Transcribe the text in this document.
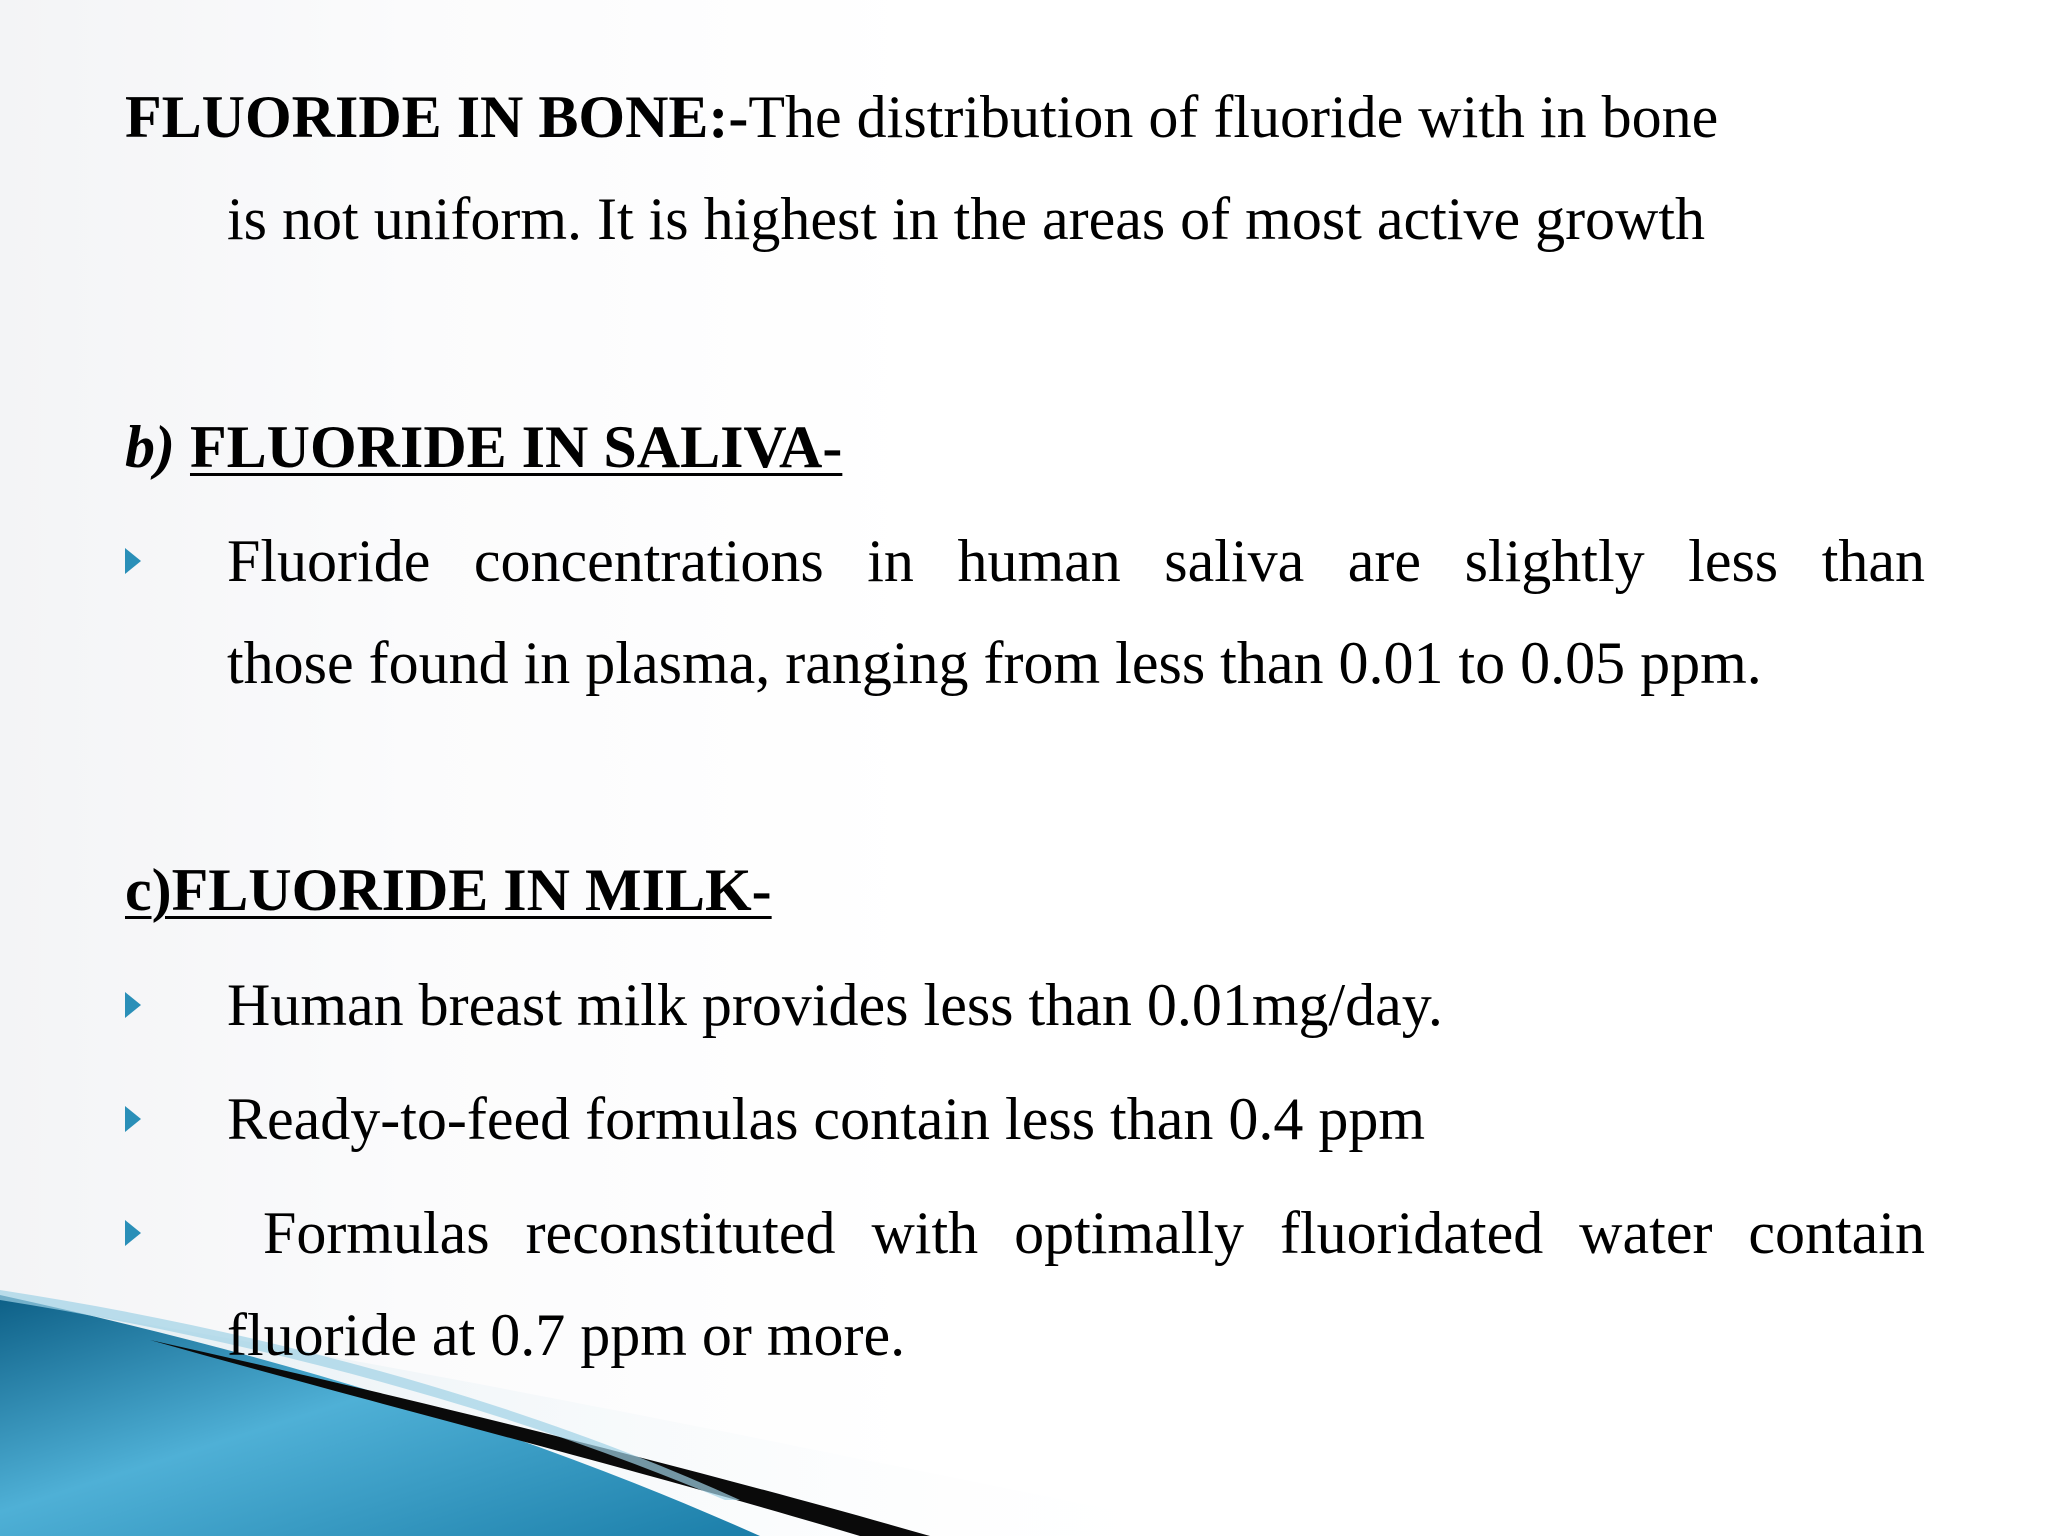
FLUORIDE IN BONE:-The distribution of fluoride with in bone
is not uniform. It is highest in the areas of most active growth
b) FLUORIDE IN SALIVA-
Fluoride concentrations in human saliva are slightly less than
those found in plasma, ranging from less than 0.01 to 0.05 ppm.
c)FLUORIDE IN MILK-
Human breast milk provides less than 0.01mg/day.
Ready-to-feed formulas contain less than 0.4 ppm
Formulas reconstituted with optimally fluoridated water contain
fluoride at 0.7 ppm or more.
